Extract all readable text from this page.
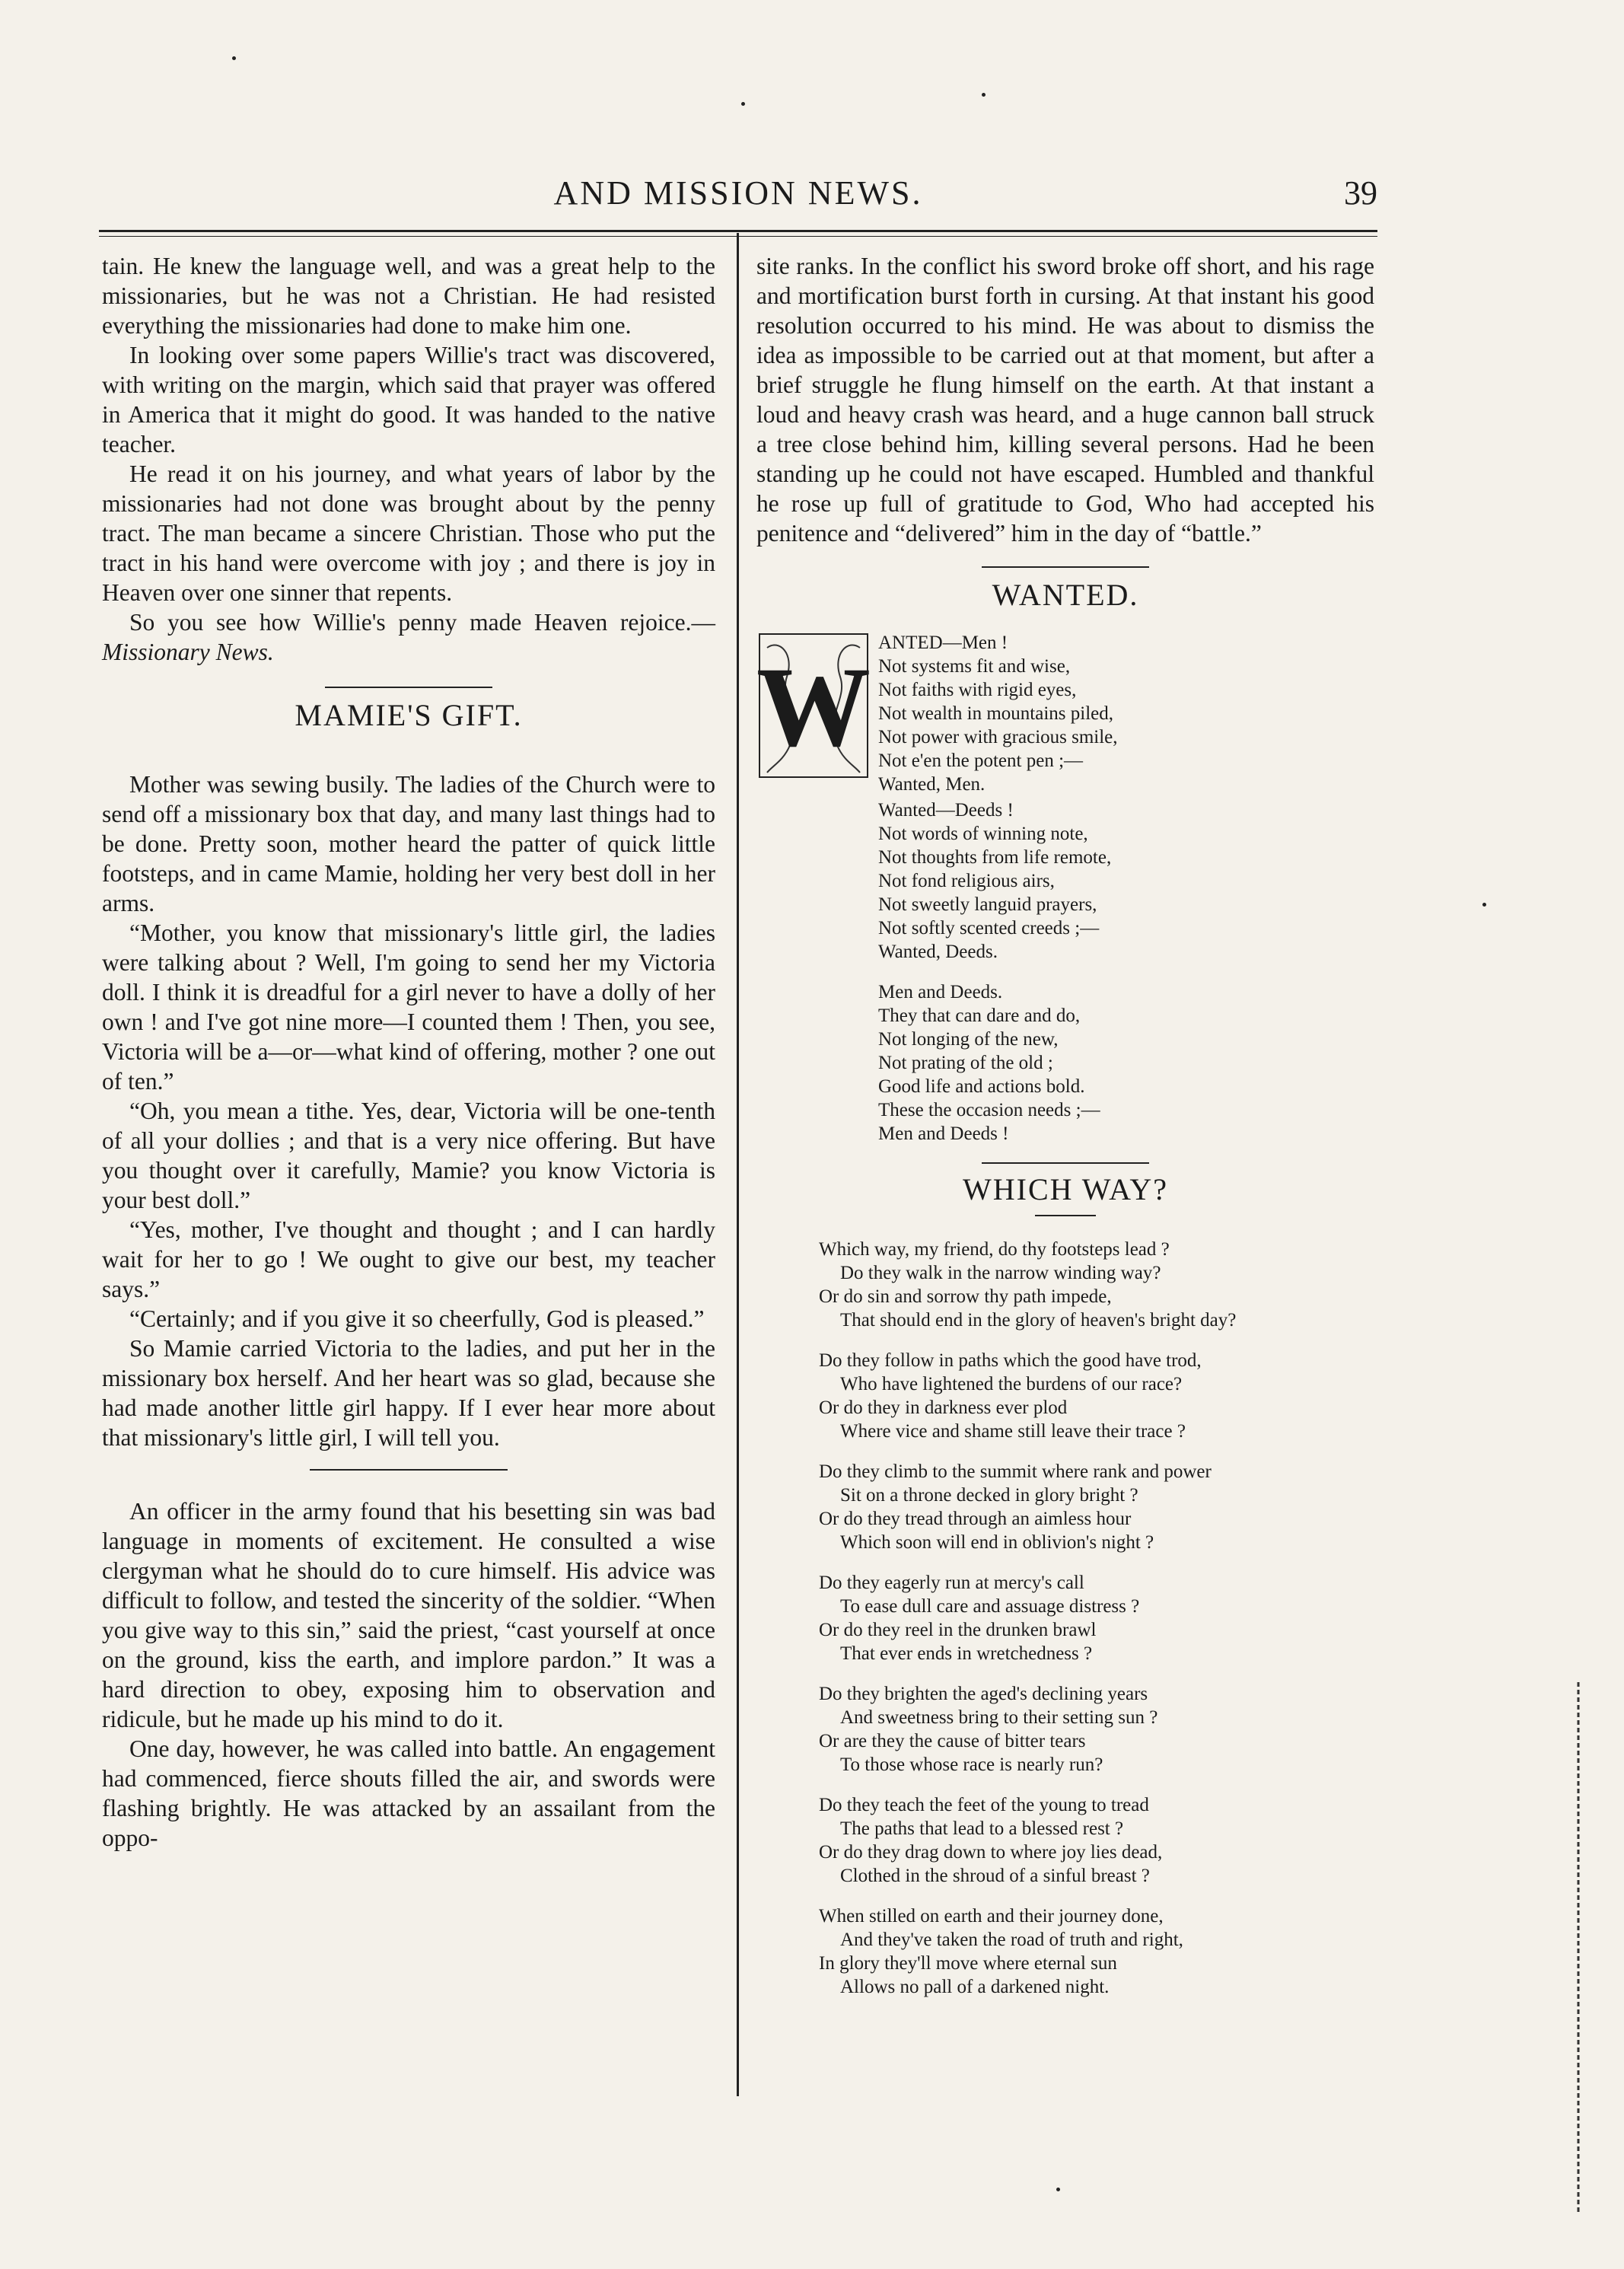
AND MISSION NEWS.	39

tain. He knew the language well, and was a great help to the missionaries, but he was not a Christian. He had resisted everything the missionaries had done to make him one.

In looking over some papers Willie's tract was discovered, with writing on the margin, which said that prayer was offered in America that it might do good. It was handed to the native teacher.

He read it on his journey, and what years of labor by the missionaries had not done was brought about by the penny tract. The man became a sincere Christian. Those who put the tract in his hand were overcome with joy ; and there is joy in Heaven over one sinner that repents.

So you see how Willie's penny made Heaven rejoice.—Missionary News.

MAMIE'S GIFT.

Mother was sewing busily. The ladies of the Church were to send off a missionary box that day, and many last things had to be done. Pretty soon, mother heard the patter of quick little footsteps, and in came Mamie, holding her very best doll in her arms.

“Mother, you know that missionary's little girl, the ladies were talking about ? Well, I'm going to send her my Victoria doll. I think it is dreadful for a girl never to have a dolly of her own ! and I've got nine more—I counted them ! Then, you see, Victoria will be a—or—what kind of offering, mother ? one out of ten.”

“Oh, you mean a tithe. Yes, dear, Victoria will be one-tenth of all your dollies ; and that is a very nice offering. But have you thought over it carefully, Mamie? you know Victoria is your best doll.”

“Yes, mother, I've thought and thought ; and I can hardly wait for her to go ! We ought to give our best, my teacher says.”

“Certainly; and if you give it so cheerfully, God is pleased.”

So Mamie carried Victoria to the ladies, and put her in the missionary box herself. And her heart was so glad, because she had made another little girl happy. If I ever hear more about that missionary's little girl, I will tell you.

An officer in the army found that his besetting sin was bad language in moments of excitement. He consulted a wise clergyman what he should do to cure himself. His advice was difficult to follow, and tested the sincerity of the soldier. “When you give way to this sin,” said the priest, “cast yourself at once on the ground, kiss the earth, and implore pardon.” It was a hard direction to obey, exposing him to observation and ridicule, but he made up his mind to do it.

One day, however, he was called into battle. An engagement had commenced, fierce shouts filled the air, and swords were flashing brightly. He was attacked by an assailant from the oppo-

site ranks. In the conflict his sword broke off short, and his rage and mortification burst forth in cursing. At that instant his good resolution occurred to his mind. He was about to dismiss the idea as impossible to be carried out at that moment, but after a brief struggle he flung himself on the earth. At that instant a loud and heavy crash was heard, and a huge cannon ball struck a tree close behind him, killing several persons. Had he been standing up he could not have escaped. Humbled and thankful he rose up full of gratitude to God, Who had accepted his penitence and “delivered” him in the day of “battle.”

WANTED.
W
ANTED—Men !
Not systems fit and wise,
Not faiths with rigid eyes,
Not wealth in mountains piled,
Not power with gracious smile,
Not e'en the potent pen ;—
Wanted, Men.
Wanted—Deeds !
Not words of winning note,
Not thoughts from life remote,
Not fond religious airs,
Not sweetly languid prayers,
Not softly scented creeds ;—
Wanted, Deeds.
Men and Deeds.
They that can dare and do,
Not longing of the new,
Not prating of the old ;
Good life and actions bold.
These the occasion needs ;—
Men and Deeds !
WHICH WAY?
Which way, my friend, do thy footsteps lead ?
Do they walk in the narrow winding way?
Or do sin and sorrow thy path impede,
That should end in the glory of heaven's bright day?
Do they follow in paths which the good have trod,
Who have lightened the burdens of our race?
Or do they in darkness ever plod
Where vice and shame still leave their trace ?
Do they climb to the summit where rank and power
Sit on a throne decked in glory bright ?
Or do they tread through an aimless hour
Which soon will end in oblivion's night ?
Do they eagerly run at mercy's call
To ease dull care and assuage distress ?
Or do they reel in the drunken brawl
That ever ends in wretchedness ?
Do they brighten the aged's declining years
And sweetness bring to their setting sun ?
Or are they the cause of bitter tears
To those whose race is nearly run?
Do they teach the feet of the young to tread
The paths that lead to a blessed rest ?
Or do they drag down to where joy lies dead,
Clothed in the shroud of a sinful breast ?
When stilled on earth and their journey done,
And they've taken the road of truth and right,
In glory they'll move where eternal sun
Allows no pall of a darkened night.
